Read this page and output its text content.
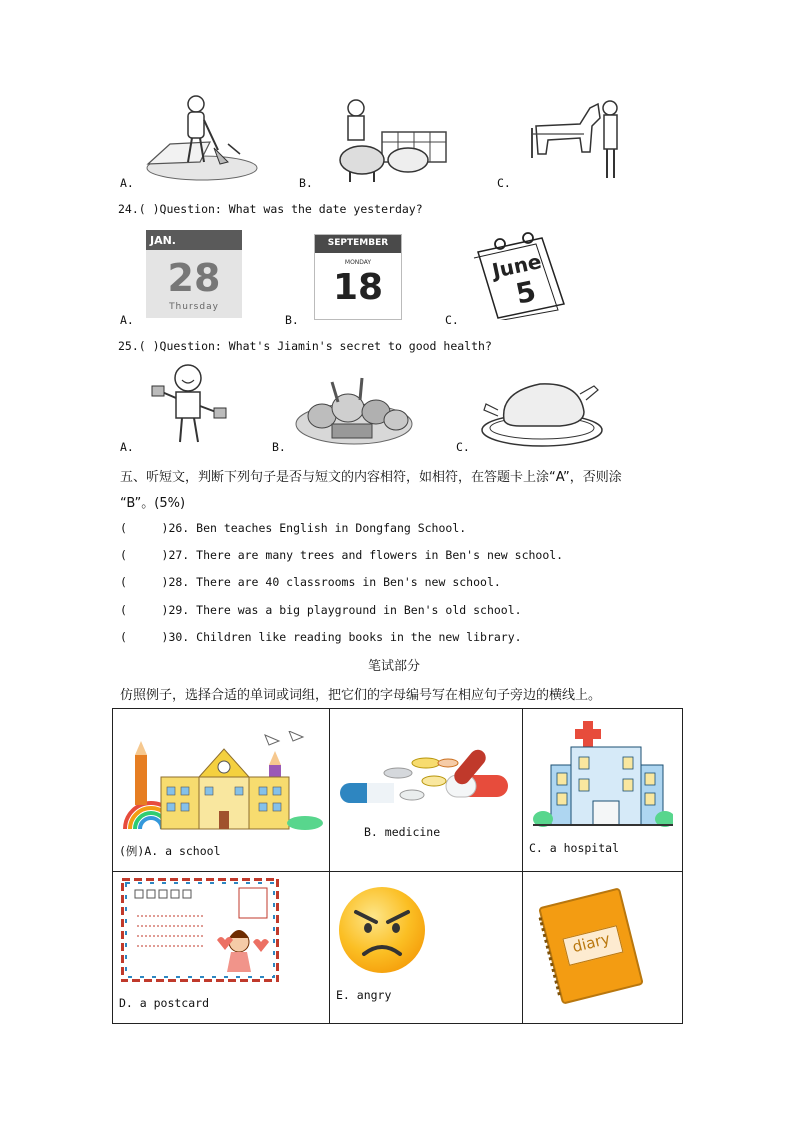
A.	B.	C.
24.( )Question: What was the date yesterday?
JAN.
28
Thursday
A.
SEPTEMBER
MONDAY
18
B.
June
5
C.
25.( )Question: What's Jiamin's secret to good health?
A.	B.	C.
五、听短文，判断下列句子是否与短文的内容相符，如相符，在答题卡上涂“A”，否则涂
“B”。(5%)
(     )26. Ben teaches English in Dongfang School.
(     )27. There are many trees and flowers in Ben's new school.
(     )28. There are 40 classrooms in Ben's new school.
(     )29. There was a big playground in Ben's old school.
(     )30. Children like reading books in the new library.
笔试部分
仿照例子，选择合适的单词或词组，把它们的字母编号写在相应句子旁边的横线上。
(例)A. a school	B. medicine	C. a hospital

D. a postcard	E. angry	diary
